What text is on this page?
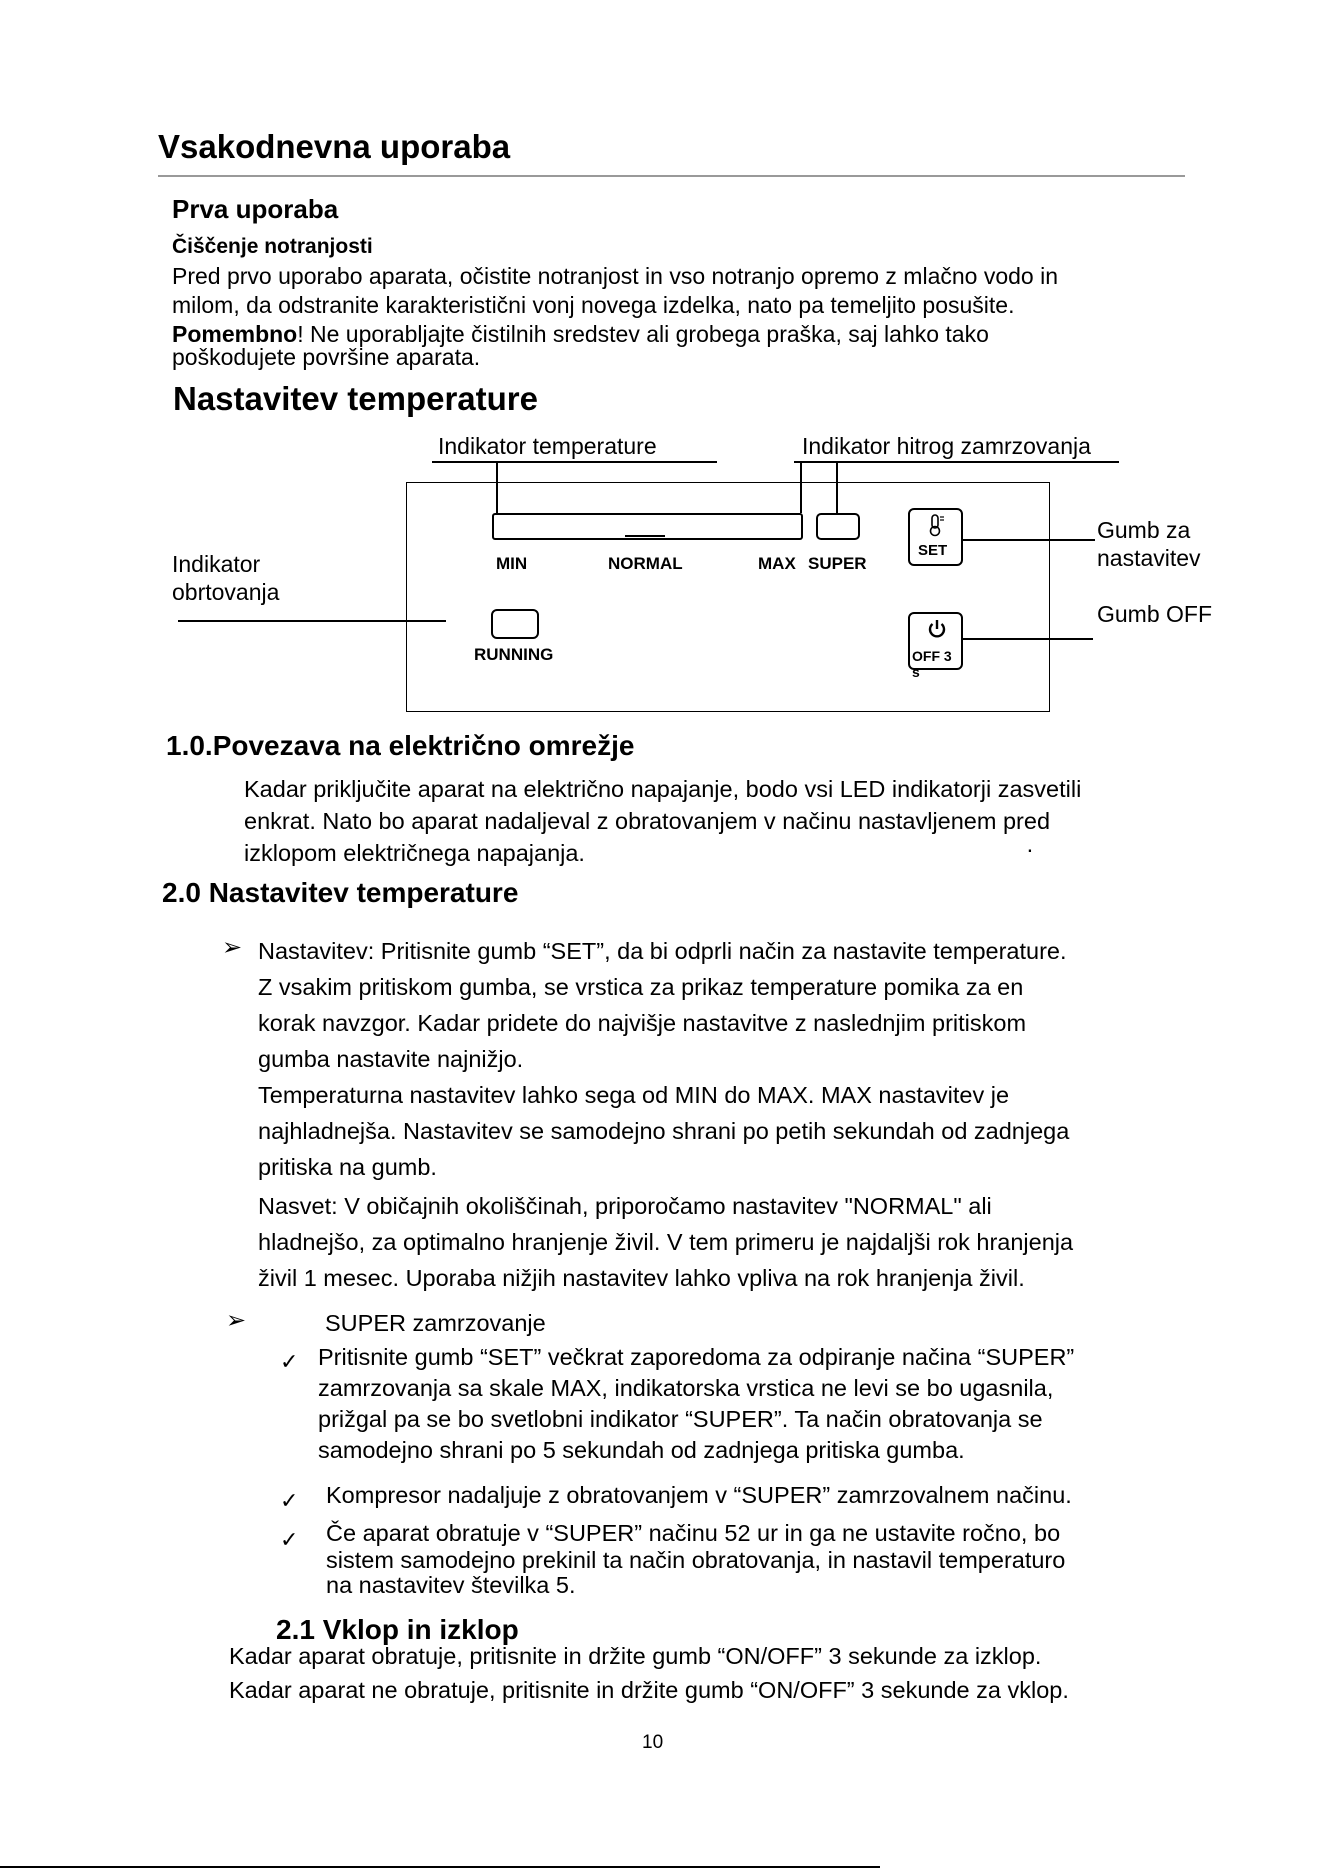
Vsakodnevna uporaba
Prva uporaba
Čiščenje notranjosti
Pred prvo uporabo aparata, očistite notranjost in vso notranjo opremo z mlačno vodo in
milom, da odstranite karakteristični vonj novega izdelka, nato pa temeljito posušite.
Pomembno! Ne uporabljajte čistilnih sredstev ali grobega praška, saj lahko tako
poškodujete površine aparata.
Nastavitev temperature
Indikator temperature	Indikator hitrog zamrzovanja
MIN	NORMAL	MAX SUPER
SET
OFF 3 s
RUNNING
Indikator
obrtovanja
Gumb za
nastavitev
Gumb OFF
1.0.Povezava na električno omrežje
Kadar priključite aparat na električno napajanje, bodo vsi LED indikatorji zasvetili
enkrat. Nato bo aparat nadaljeval z obratovanjem v načinu nastavljenem pred
izklopom električnega napajanja.	·
2.0 Nastavitev temperature
➢ Nastavitev: Pritisnite gumb “SET”, da bi odprli način za nastavite temperature.
Z vsakim pritiskom gumba, se vrstica za prikaz temperature pomika za en
korak navzgor. Kadar pridete do najvišje nastavitve z naslednjim pritiskom
gumba nastavite najnižjo.
Temperaturna nastavitev lahko sega od MIN do MAX. MAX nastavitev je
najhladnejša. Nastavitev se samodejno shrani po petih sekundah od zadnjega
pritiska na gumb.
Nasvet: V običajnih okoliščinah, priporočamo nastavitev "NORMAL" ali
hladnejšo, za optimalno hranjenje živil. V tem primeru je najdaljši rok hranjenja
živil 1 mesec. Uporaba nižjih nastavitev lahko vpliva na rok hranjenja živil.
➢	SUPER zamrzovanje
✓ Pritisnite gumb “SET” večkrat zaporedoma za odpiranje načina “SUPER”
zamrzovanja sa skale MAX, indikatorska vrstica ne levi se bo ugasnila,
prižgal pa se bo svetlobni indikator “SUPER”. Ta način obratovanja se
samodejno shrani po 5 sekundah od zadnjega pritiska gumba.
✓ Kompresor nadaljuje z obratovanjem v “SUPER” zamrzovalnem načinu.
✓ Če aparat obratuje v “SUPER” načinu 52 ur in ga ne ustavite ročno, bo
sistem samodejno prekinil ta način obratovanja, in nastavil temperaturo
na nastavitev številka 5.
2.1 Vklop in izklop
Kadar aparat obratuje, pritisnite in držite gumb “ON/OFF” 3 sekunde za izklop.
Kadar aparat ne obratuje, pritisnite in držite gumb “ON/OFF” 3 sekunde za vklop.
10
